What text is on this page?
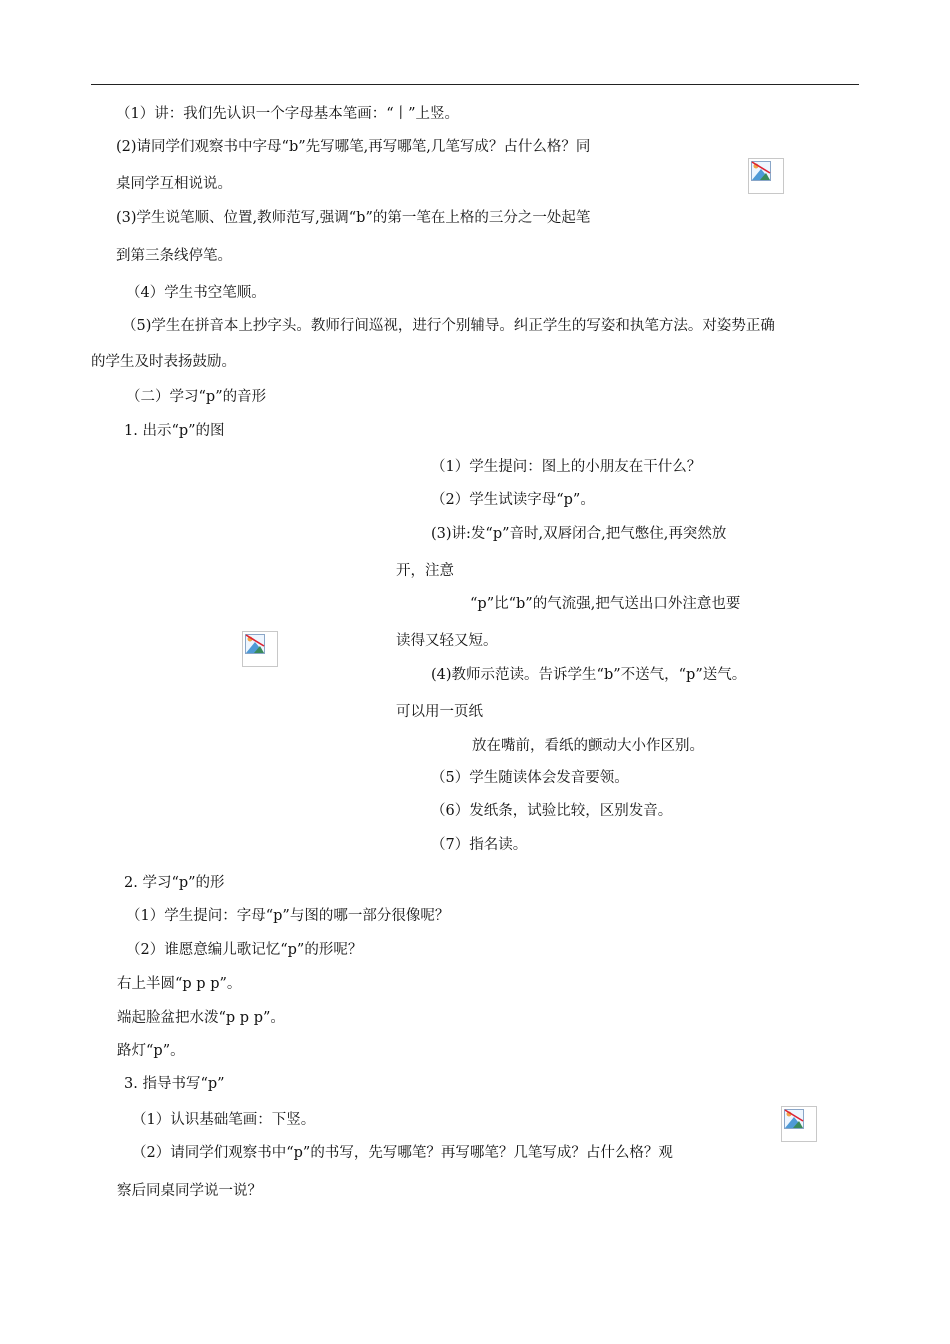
（1）讲：我们先认识一个字母基本笔画：“丨”上竖。
(2)请同学们观察书中字母“b”先写哪笔,再写哪笔,几笔写成？占什么格？同
桌同学互相说说。
(3)学生说笔顺、位置,教师范写,强调“b”的第一笔在上格的三分之一处起笔
到第三条线停笔。
（4）学生书空笔顺。
（5)学生在拼音本上抄字头。教师行间巡视，进行个别辅导。纠正学生的写姿和执笔方法。对姿势正确
的学生及时表扬鼓励。
（二）学习“p”的音形
1. 出示“p”的图
（1）学生提问：图上的小朋友在干什么？
（2）学生试读字母“p”。
(3)讲:发“p”音时,双唇闭合,把气憋住,再突然放
开，注意
“p”比“b”的气流强,把气送出口外注意也要
读得又轻又短。
(4)教师示范读。告诉学生“b”不送气，“p”送气。
可以用一页纸
放在嘴前，看纸的颤动大小作区别。
（5）学生随读体会发音要领。
（6）发纸条，试验比较，区别发音。
（7）指名读。
2. 学习“p”的形
（1）学生提问：字母“p”与图的哪一部分很像呢？
（2）谁愿意编儿歌记忆“p”的形呢？
右上半圆“p p p”。
端起脸盆把水泼“p p p”。
路灯“p”。
3. 指导书写“p”
（1）认识基础笔画：下竖。
（2）请同学们观察书中“p”的书写，先写哪笔？再写哪笔？几笔写成？占什么格？观
察后同桌同学说一说？
